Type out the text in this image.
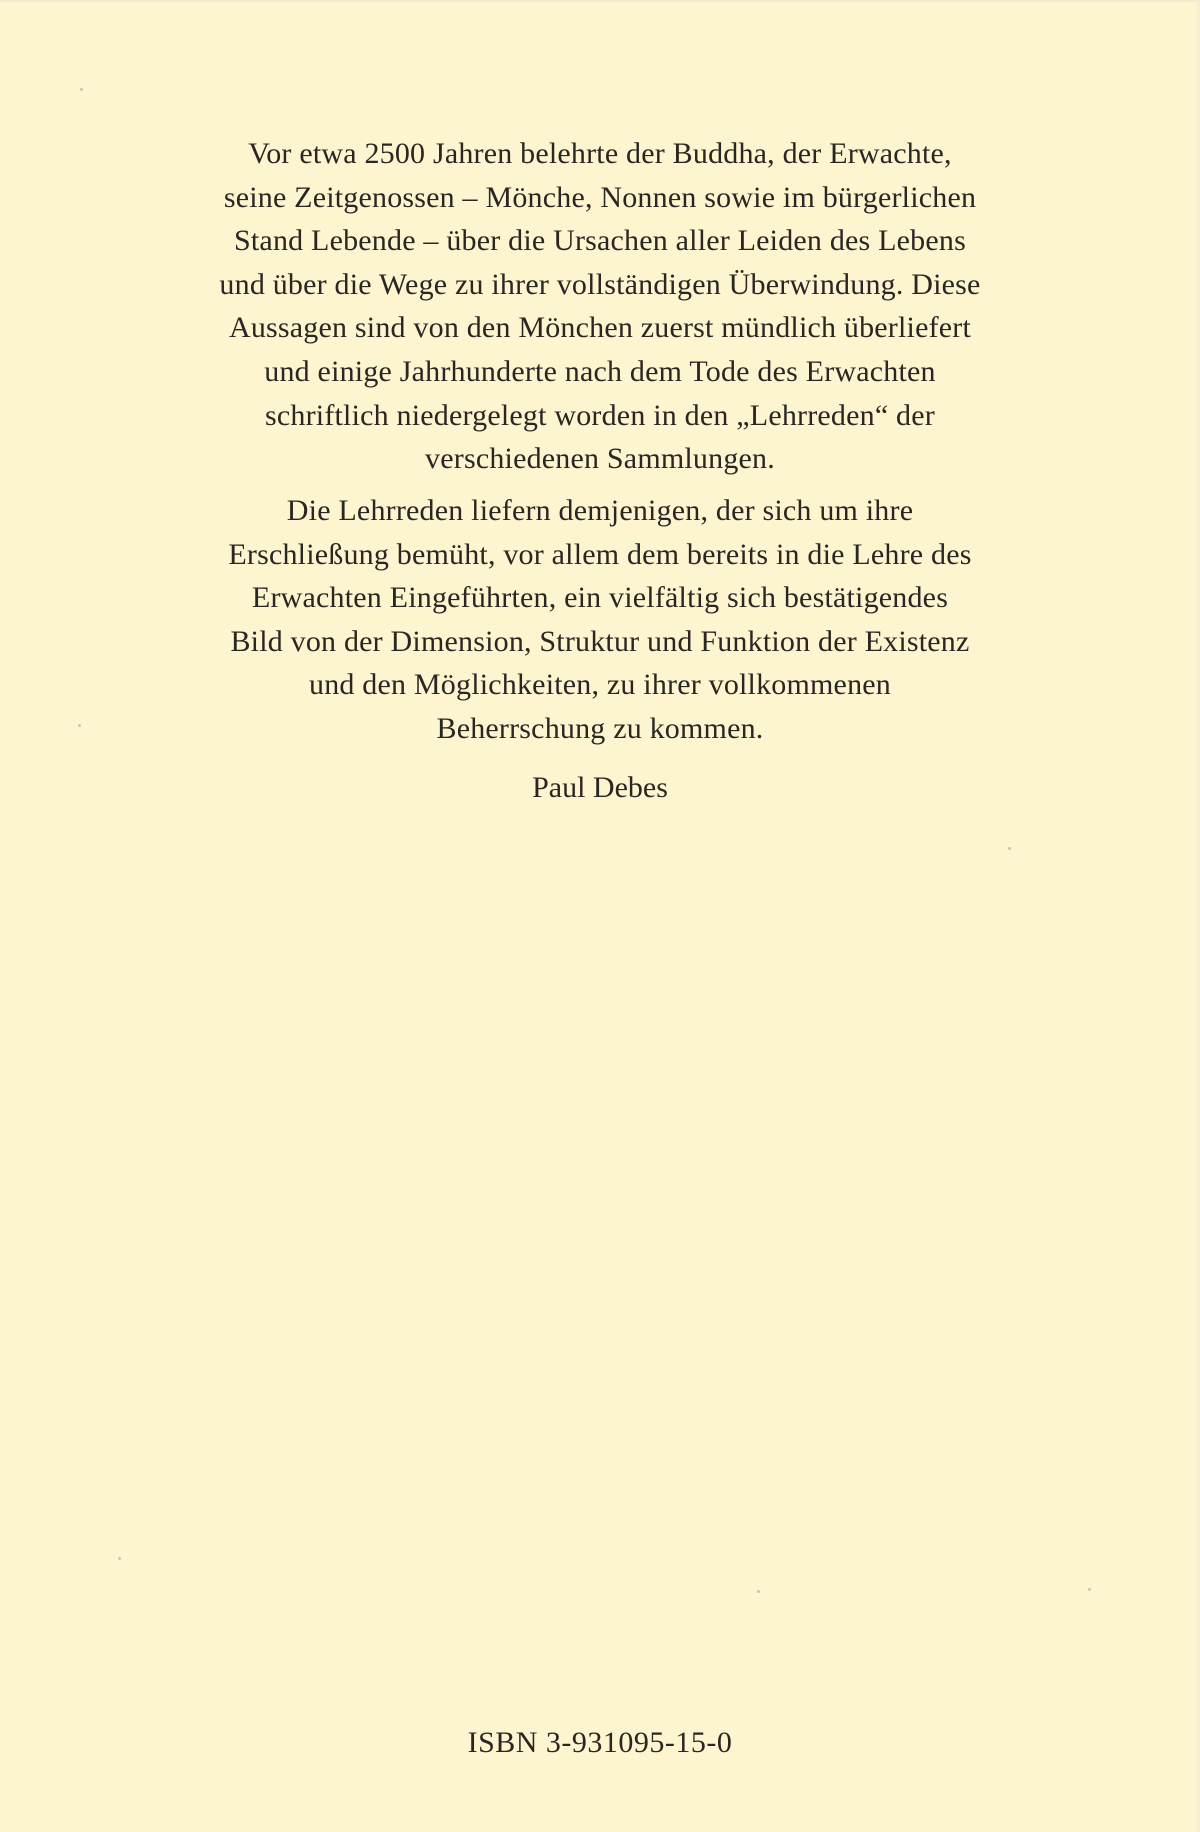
Vor etwa 2500 Jahren belehrte der Buddha, der Erwachte,
seine Zeitgenossen – Mönche, Nonnen sowie im bürgerlichen
Stand Lebende – über die Ursachen aller Leiden des Lebens
und über die Wege zu ihrer vollständigen Überwindung. Diese
Aussagen sind von den Mönchen zuerst mündlich überliefert
und einige Jahrhunderte nach dem Tode des Erwachten
schriftlich niedergelegt worden in den „Lehrreden“ der
verschiedenen Sammlungen.
Die Lehrreden liefern demjenigen, der sich um ihre
Erschließung bemüht, vor allem dem bereits in die Lehre des
Erwachten Eingeführten, ein vielfältig sich bestätigendes
Bild von der Dimension, Struktur und Funktion der Existenz
und den Möglichkeiten, zu ihrer vollkommenen
Beherrschung zu kommen.
Paul Debes
ISBN 3-931095-15-0
